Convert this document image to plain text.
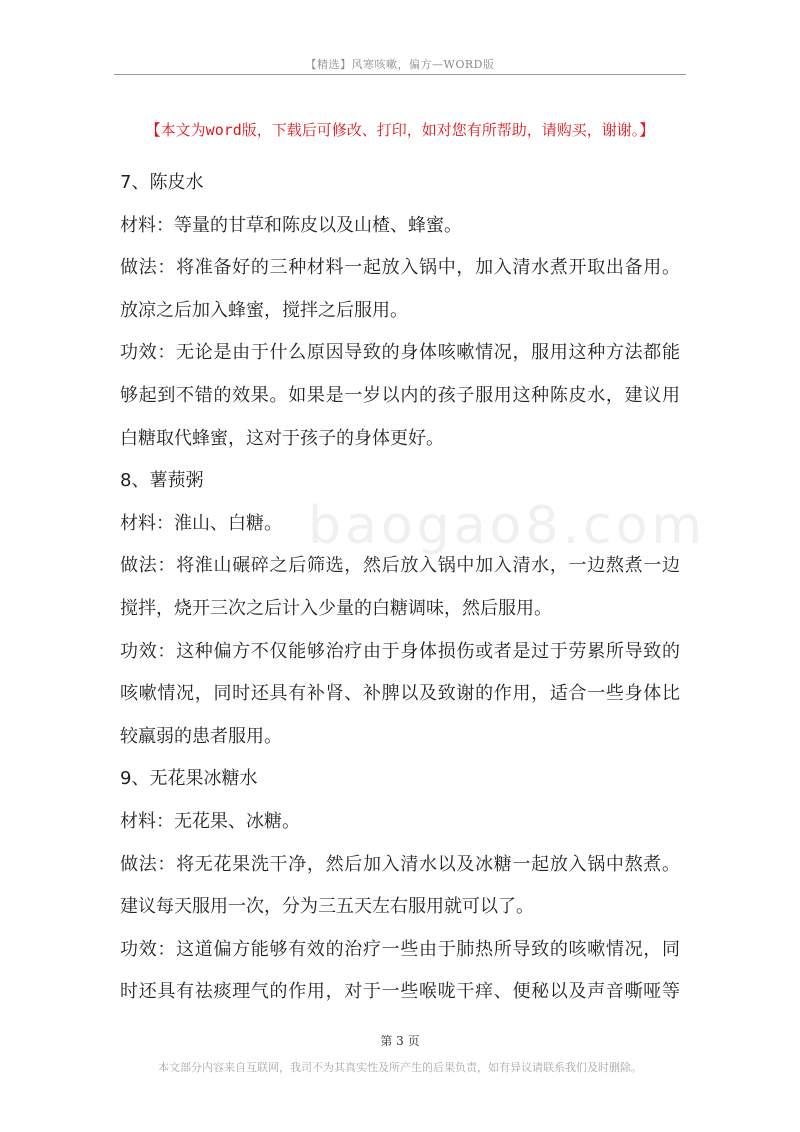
【精选】风寒咳嗽，偏方—WORD版
【本文为word版，下载后可修改、打印，如对您有所帮助，请购买，谢谢。】
baogao8.com
7、陈皮水
材料：等量的甘草和陈皮以及山楂、蜂蜜。
做法：将准备好的三种材料一起放入锅中，加入清水煮开取出备用。
放凉之后加入蜂蜜，搅拌之后服用。
功效：无论是由于什么原因导致的身体咳嗽情况，服用这种方法都能
够起到不错的效果。如果是一岁以内的孩子服用这种陈皮水，建议用
白糖取代蜂蜜，这对于孩子的身体更好。
8、薯蓣粥
材料：淮山、白糖。
做法：将淮山碾碎之后筛选，然后放入锅中加入清水，一边熬煮一边
搅拌，烧开三次之后计入少量的白糖调味，然后服用。
功效：这种偏方不仅能够治疗由于身体损伤或者是过于劳累所导致的
咳嗽情况，同时还具有补肾、补脾以及致谢的作用，适合一些身体比
较羸弱的患者服用。
9、无花果冰糖水
材料：无花果、冰糖。
做法：将无花果洗干净，然后加入清水以及冰糖一起放入锅中熬煮。
建议每天服用一次，分为三五天左右服用就可以了。
功效：这道偏方能够有效的治疗一些由于肺热所导致的咳嗽情况，同
时还具有祛痰理气的作用，对于一些喉咙干痒、便秘以及声音嘶哑等
第 3 页
本文部分内容来自互联网，我司不为其真实性及所产生的后果负责，如有异议请联系我们及时删除。
